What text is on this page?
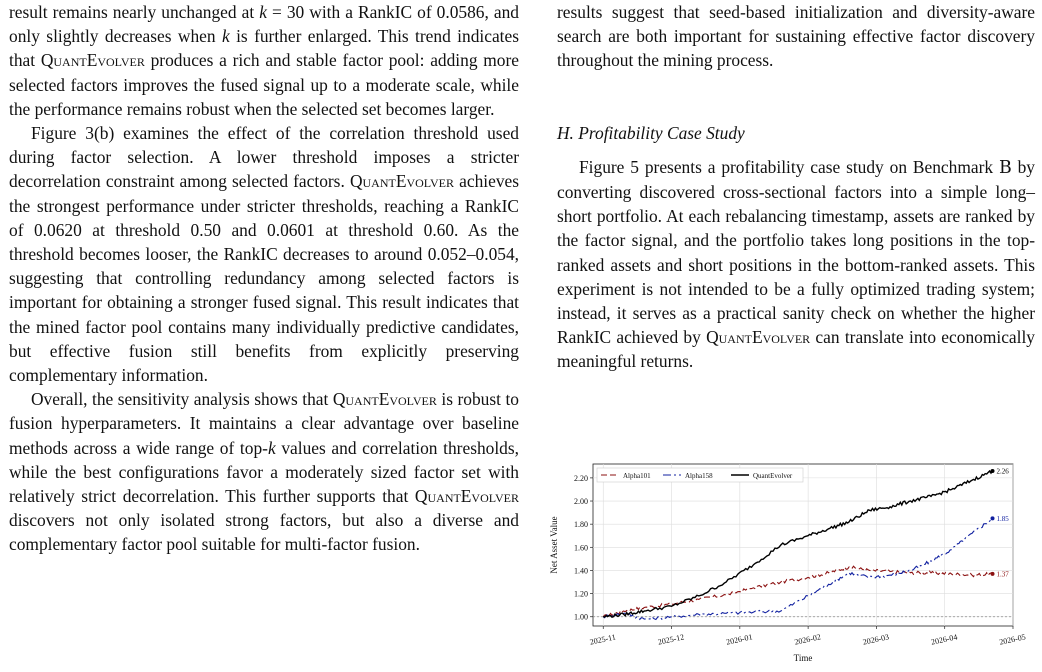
result remains nearly unchanged at k = 30 with a RankIC of 0.0586, and only slightly decreases when k is further enlarged. This trend indicates that QuantEvolver produces a rich and stable factor pool: adding more selected factors improves the fused signal up to a moderate scale, while the performance remains robust when the selected set becomes larger.

Figure 3(b) examines the effect of the correlation threshold used during factor selection. A lower threshold imposes a stricter decorrelation constraint among selected factors. QuantEvolver achieves the strongest performance under stricter thresholds, reaching a RankIC of 0.0620 at threshold 0.50 and 0.0601 at threshold 0.60. As the threshold becomes looser, the RankIC decreases to around 0.052–0.054, suggesting that controlling redundancy among selected factors is important for obtaining a stronger fused signal. This result indicates that the mined factor pool contains many individually predictive candidates, but effective fusion still benefits from explicitly preserving complementary information.

Overall, the sensitivity analysis shows that QuantEvolver is robust to fusion hyperparameters. It maintains a clear advantage over baseline methods across a wide range of top-k values and correlation thresholds, while the best configurations favor a moderately sized factor set with relatively strict decorrelation. This further supports that QuantEvolver discovers not only isolated strong factors, but also a diverse and complementary factor pool suitable for multi-factor fusion.

results suggest that seed-based initialization and diversity-aware search are both important for sustaining effective factor discovery throughout the mining process.

H. Profitability Case Study

Figure 5 presents a profitability case study on Benchmark B by converting discovered cross-sectional factors into a simple long–short portfolio. At each rebalancing timestamp, assets are ranked by the factor signal, and the portfolio takes long positions in the top-ranked assets and short positions in the bottom-ranked assets. This experiment is not intended to be a fully optimized trading system; instead, it serves as a practical sanity check on whether the higher RankIC achieved by QuantEvolver can translate into economically meaningful returns.

1.00
1.20
1.40
1.60
1.80
2.00
2.20
2025-11	2025-12	2026-01	2026-02	2026-03	2026-04	2026-05
1.37
1.85
2.26
Alpha101	Alpha158	QuantEvolver
Time
Net Asset Value
